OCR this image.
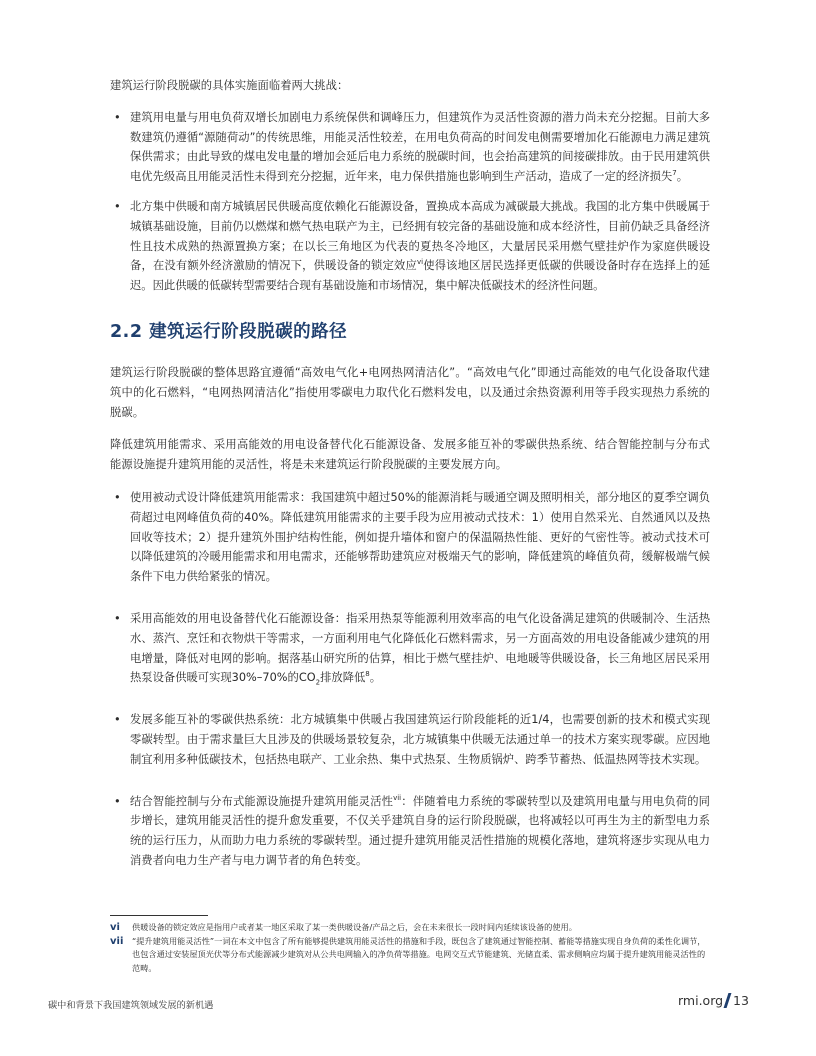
建筑运行阶段脱碳的具体实施面临着两大挑战：

• 建筑用电量与用电负荷双增长加剧电力系统保供和调峰压力，但建筑作为灵活性资源的潜力尚未充分挖掘。目前大多数建筑仍遵循“源随荷动”的传统思维，用能灵活性较差，在用电负荷高的时间发电侧需要增加化石能源电力满足建筑保供需求；由此导致的煤电发电量的增加会延后电力系统的脱碳时间，也会抬高建筑的间接碳排放。由于民用建筑供电优先级高且用能灵活性未得到充分挖掘，近年来，电力保供措施也影响到生产活动，造成了一定的经济损失$^7$。
• 北方集中供暖和南方城镇居民供暖高度依赖化石能源设备，置换成本高成为减碳最大挑战。我国的北方集中供暖属于城镇基础设施，目前仍以燃煤和燃气热电联产为主，已经拥有较完备的基础设施和成本经济性，目前仍缺乏具备经济性且技术成熟的热源置换方案；在以长三角地区为代表的夏热冬冷地区，大量居民采用燃气壁挂炉作为家庭供暖设备，在没有额外经济激励的情况下，供暖设备的锁定效应$^{vi}$使得该地区居民选择更低碳的供暖设备时存在选择上的延迟。因此供暖的低碳转型需要结合现有基础设施和市场情况，集中解决低碳技术的经济性问题。
2.2 建筑运行阶段脱碳的路径

建筑运行阶段脱碳的整体思路宜遵循“高效电气化+电网热网清洁化”。“高效电气化”即通过高能效的电气化设备取代建筑中的化石燃料，“电网热网清洁化”指使用零碳电力取代化石燃料发电，以及通过余热资源利用等手段实现热力系统的脱碳。

降低建筑用能需求、采用高能效的用电设备替代化石能源设备、发展多能互补的零碳供热系统、结合智能控制与分布式能源设施提升建筑用能的灵活性，将是未来建筑运行阶段脱碳的主要发展方向。

• 使用被动式设计降低建筑用能需求：我国建筑中超过50%的能源消耗与暖通空调及照明相关，部分地区的夏季空调负荷超过电网峰值负荷的40%。降低建筑用能需求的主要手段为应用被动式技术：1）使用自然采光、自然通风以及热回收等技术；2）提升建筑外围护结构性能，例如提升墙体和窗户的保温隔热性能、更好的气密性等。被动式技术可以降低建筑的冷暖用能需求和用电需求，还能够帮助建筑应对极端天气的影响，降低建筑的峰值负荷，缓解极端气候条件下电力供给紧张的情况。
• 采用高能效的用电设备替代化石能源设备：指采用热泵等能源利用效率高的电气化设备满足建筑的供暖制冷、生活热水、蒸汽、烹饪和衣物烘干等需求，一方面利用电气化降低化石燃料需求，另一方面高效的用电设备能减少建筑的用电增量，降低对电网的影响。据落基山研究所的估算，相比于燃气壁挂炉、电地暖等供暖设备，长三角地区居民采用热泵设备供暖可实现30%–70%的$CO_2$排放降低$^8$。
• 发展多能互补的零碳供热系统：北方城镇集中供暖占我国建筑运行阶段能耗的近1/4，也需要创新的技术和模式实现零碳转型。由于需求量巨大且涉及的供暖场景较复杂，北方城镇集中供暖无法通过单一的技术方案实现零碳。应因地制宜利用多种低碳技术，包括热电联产、工业余热、集中式热泵、生物质锅炉、跨季节蓄热、低温热网等技术实现。
• 结合智能控制与分布式能源设施提升建筑用能灵活性$^{vii}$：伴随着电力系统的零碳转型以及建筑用电量与用电负荷的同步增长，建筑用能灵活性的提升愈发重要，不仅关乎建筑自身的运行阶段脱碳，也将减轻以可再生为主的新型电力系统的运行压力，从而助力电力系统的零碳转型。通过提升建筑用能灵活性措施的规模化落地，建筑将逐步实现从电力消费者向电力生产者与电力调节者的角色转变。
vi 供暖设备的锁定效应是指用户或者某一地区采取了某一类供暖设备/产品之后，会在未来很长一段时间内延续该设备的使用。
vii “提升建筑用能灵活性”一词在本文中包含了所有能够提供建筑用能灵活性的措施和手段，既包含了建筑通过智能控制、蓄能等措施实现自身负荷的柔性化调节，也包含通过安装屋顶光伏等分布式能源减少建筑对从公共电网输入的净负荷等措施。电网交互式节能建筑、光储直柔、需求侧响应均属于提升建筑用能灵活性的范畴。
碳中和背景下我国建筑领域发展的新机遇	rmi.org 13
